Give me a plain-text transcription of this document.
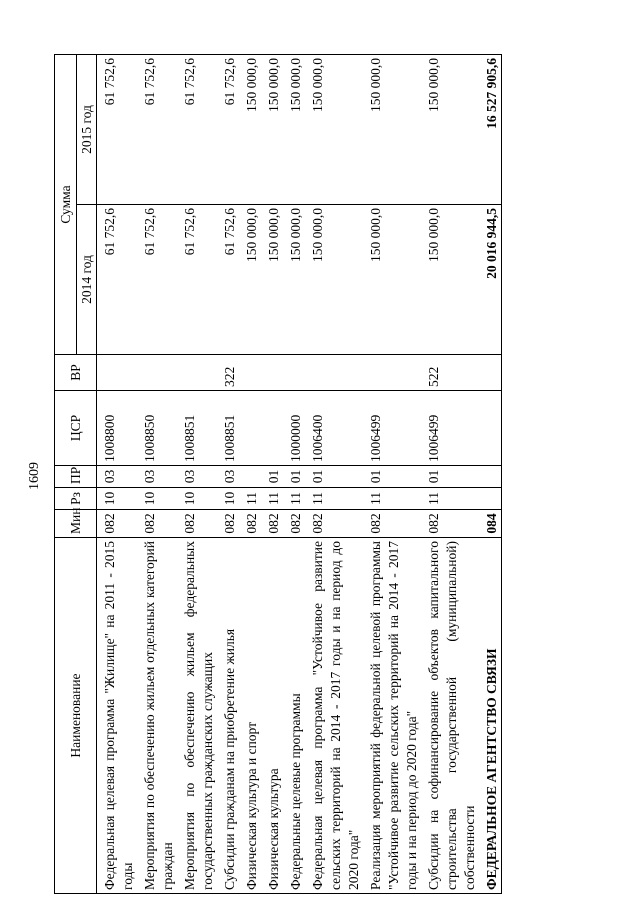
1609
Наименование	Мин	Рз	ПР	ЦСР	ВР	Сумма	
						2014 год	2015 год
Федеральная целевая программа "Жилище" на 2011 - 2015 годы	082	10	03	1008800		61 752,6	61 752,6
Мероприятия по обеспечению жильем отдельных категорий граждан	082	10	03	1008850		61 752,6	61 752,6
Мероприятия по обеспечению жильем федеральных государственных гражданских служащих	082	10	03	1008851		61 752,6	61 752,6
Субсидии гражданам на приобретение жилья	082	10	03	1008851	322	61 752,6	61 752,6
Физическая культура и спорт	082	11				150 000,0	150 000,0
Физическая культура	082	11	01			150 000,0	150 000,0
Федеральные целевые программы	082	11	01	1000000		150 000,0	150 000,0
Федеральная целевая программа "Устойчивое развитие сельских территорий на 2014 - 2017 годы и на период до 2020 года"	082	11	01	1006400		150 000,0	150 000,0
Реализация мероприятий федеральной целевой программы "Устойчивое развитие сельских территорий на 2014 - 2017 годы и на период до 2020 года"	082	11	01	1006499		150 000,0	150 000,0
Субсидии на софинансирование объектов капитального строительства государственной (муниципальной) собственности	082	11	01	1006499	522	150 000,0	150 000,0
ФЕДЕРАЛЬНОЕ АГЕНТСТВО СВЯЗИ	084					20 016 944,5	16 527 905,6
